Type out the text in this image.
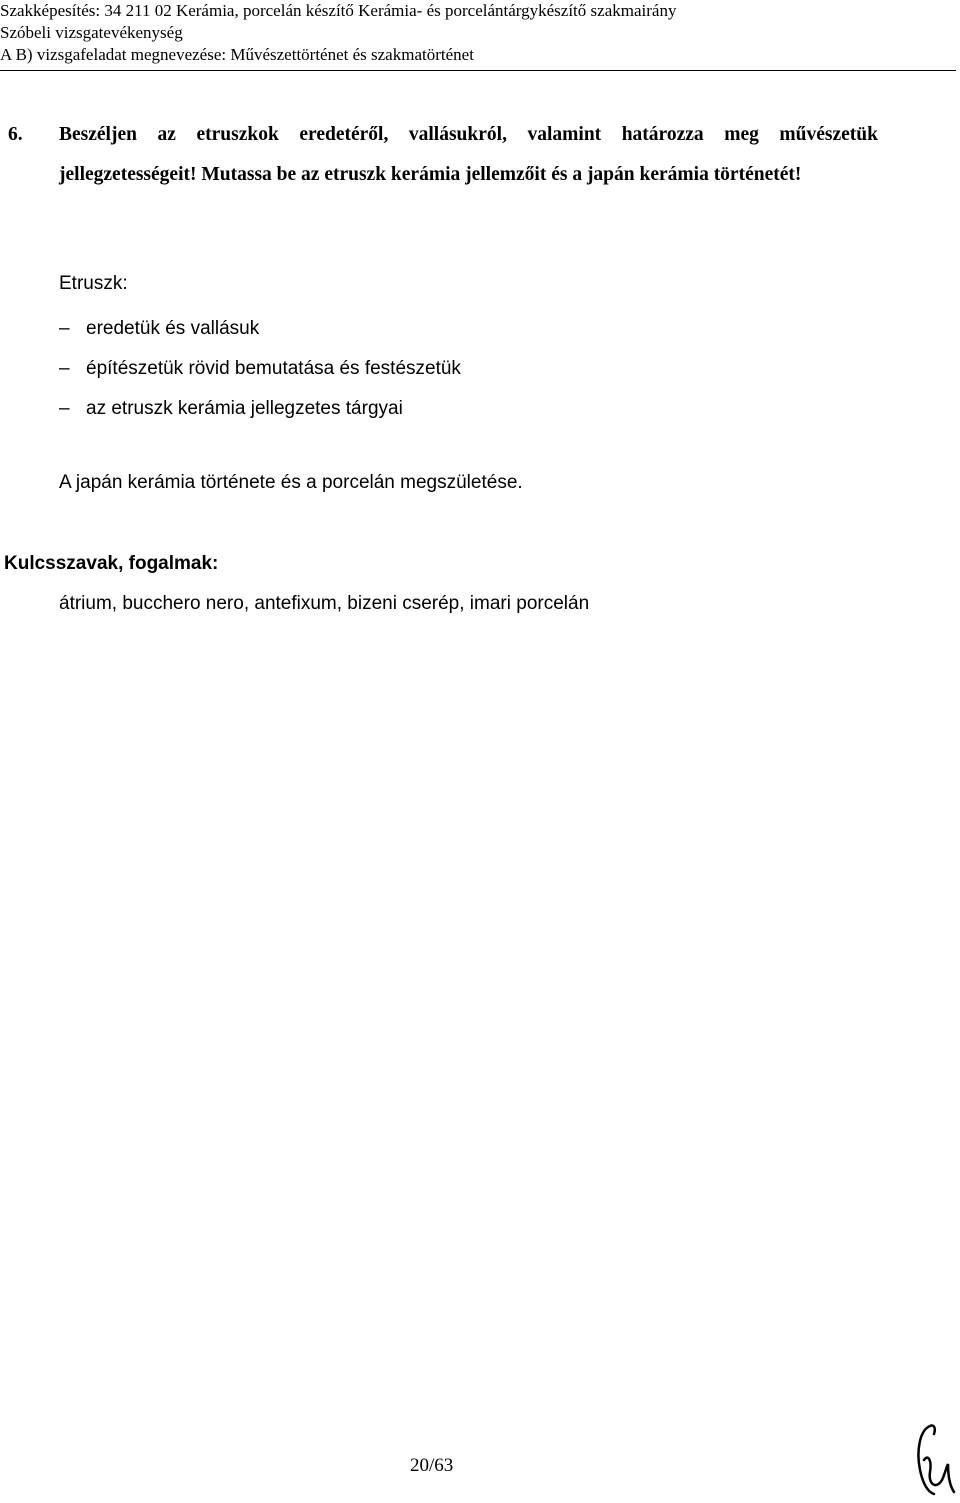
Szakképesítés: 34 211 02 Kerámia, porcelán készítő Kerámia- és porcelántárgykészítő szakmairány
Szóbeli vizsgatevékenység
A B) vizsgafeladat megnevezése: Művészettörténet és szakmatörténet
6. Beszéljen az etruszkok eredetéről, vallásukról, valamint határozza meg művészetük jellegzetességeit! Mutassa be az etruszk kerámia jellemzőit és a japán kerámia történetét!
Etruszk:
– eredetük és vallásuk
– építészetük rövid bemutatása és festészetük
– az etruszk kerámia jellegzetes tárgyai
A japán kerámia története és a porcelán megszületése.
Kulcsszavak, fogalmak:
átrium, bucchero nero, antefixum, bizeni cserép, imari porcelán
20/63
